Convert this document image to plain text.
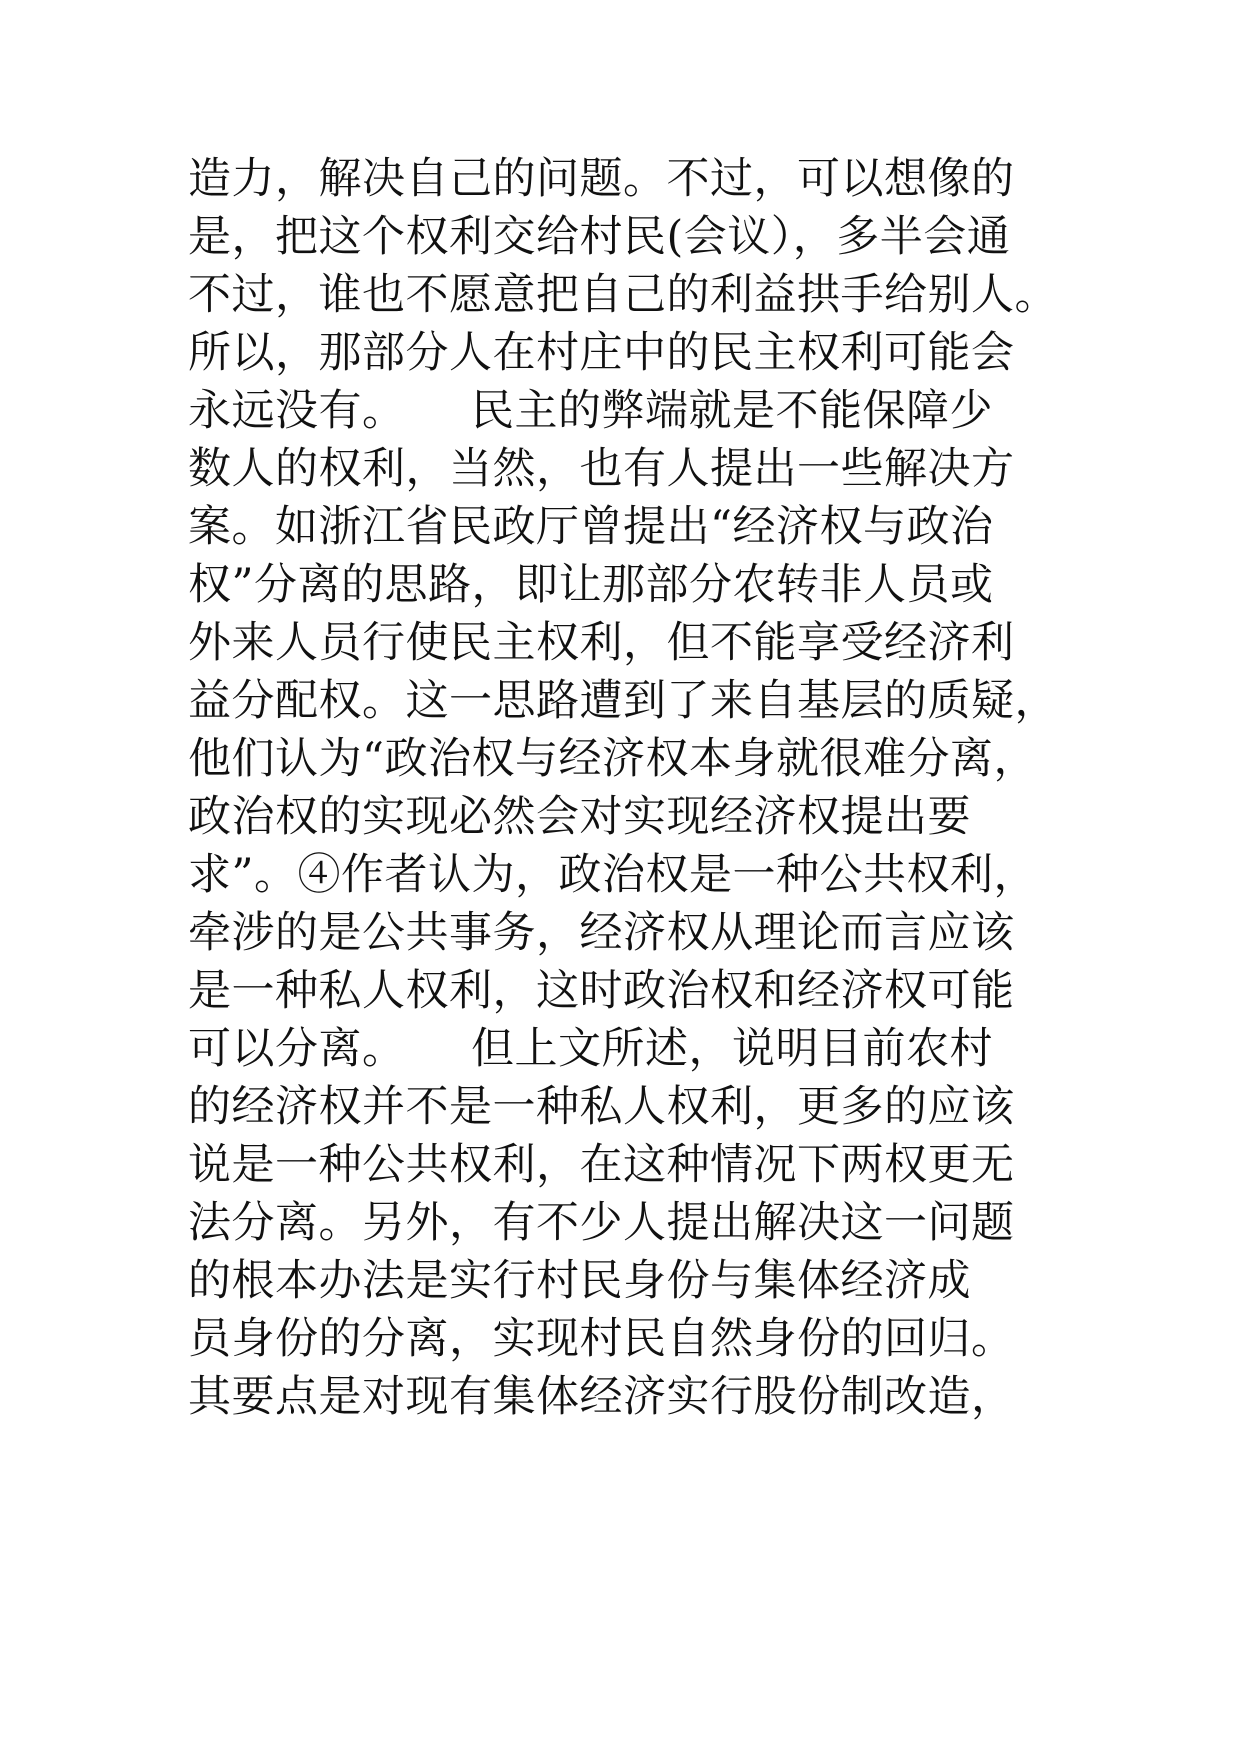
造力，解决自己的问题。不过，可以想像的
是，把这个权利交给村民(会议），多半会通
不过，谁也不愿意把自己的利益拱手给别人。
所以，那部分人在村庄中的民主权利可能会
永远没有。　　民主的弊端就是不能保障少
数人的权利，当然，也有人提出一些解决方
案。如浙江省民政厅曾提出“经济权与政治
权”分离的思路，即让那部分农转非人员或
外来人员行使民主权利，但不能享受经济利
益分配权。这一思路遭到了来自基层的质疑，
他们认为“政治权与经济权本身就很难分离，
政治权的实现必然会对实现经济权提出要
求”。④作者认为，政治权是一种公共权利，
牵涉的是公共事务，经济权从理论而言应该
是一种私人权利，这时政治权和经济权可能
可以分离。　　但上文所述，说明目前农村
的经济权并不是一种私人权利，更多的应该
说是一种公共权利，在这种情况下两权更无
法分离。另外，有不少人提出解决这一问题
的根本办法是实行村民身份与集体经济成
员身份的分离，实现村民自然身份的回归。
其要点是对现有集体经济实行股份制改造，
